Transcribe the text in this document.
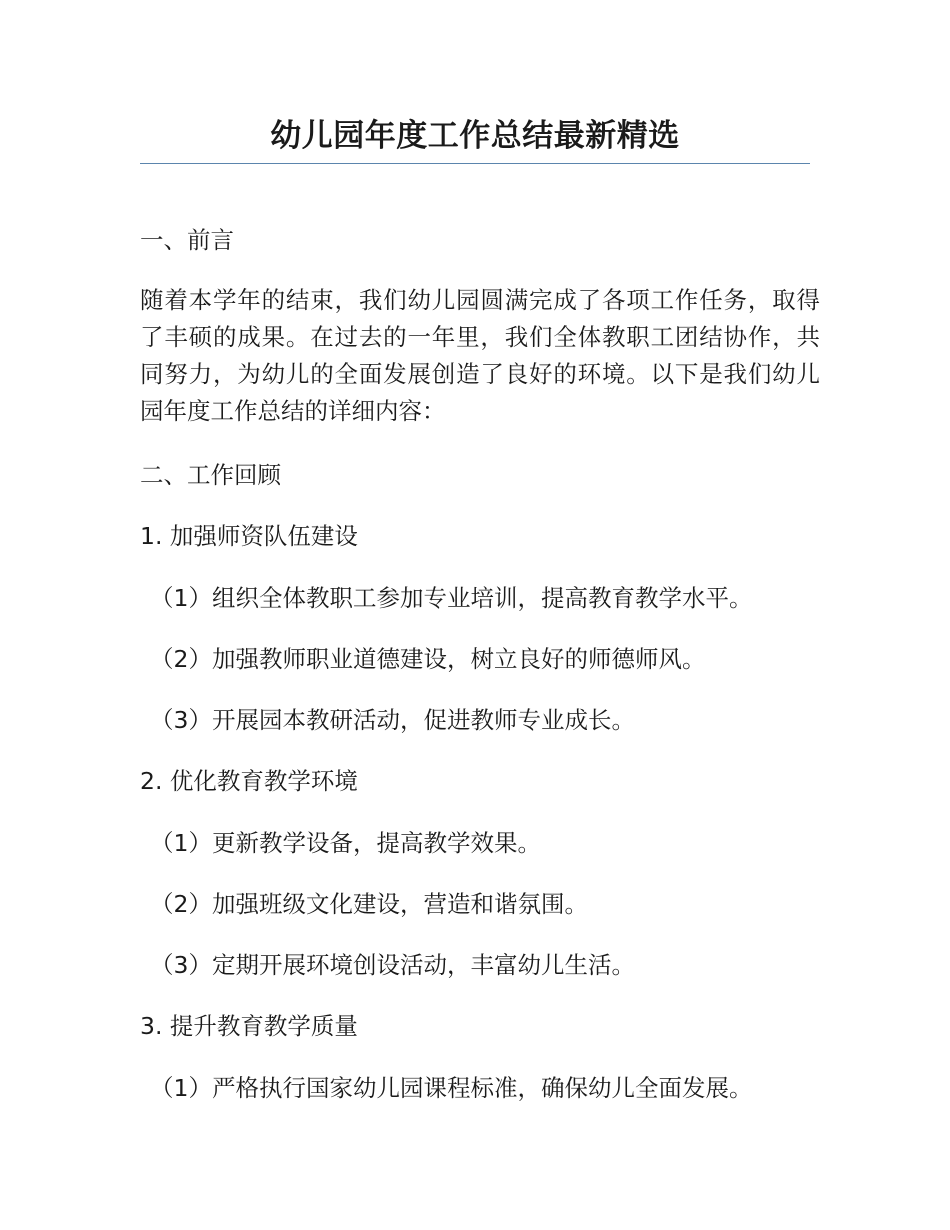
幼儿园年度工作总结最新精选
一、前言
随着本学年的结束，我们幼儿园圆满完成了各项工作任务，取得了丰硕的成果。在过去的一年里，我们全体教职工团结协作，共同努力，为幼儿的全面发展创造了良好的环境。以下是我们幼儿园年度工作总结的详细内容：
二、工作回顾
1. 加强师资队伍建设
（1）组织全体教职工参加专业培训，提高教育教学水平。
（2）加强教师职业道德建设，树立良好的师德师风。
（3）开展园本教研活动，促进教师专业成长。
2. 优化教育教学环境
（1）更新教学设备，提高教学效果。
（2）加强班级文化建设，营造和谐氛围。
（3）定期开展环境创设活动，丰富幼儿生活。
3. 提升教育教学质量
（1）严格执行国家幼儿园课程标准，确保幼儿全面发展。
